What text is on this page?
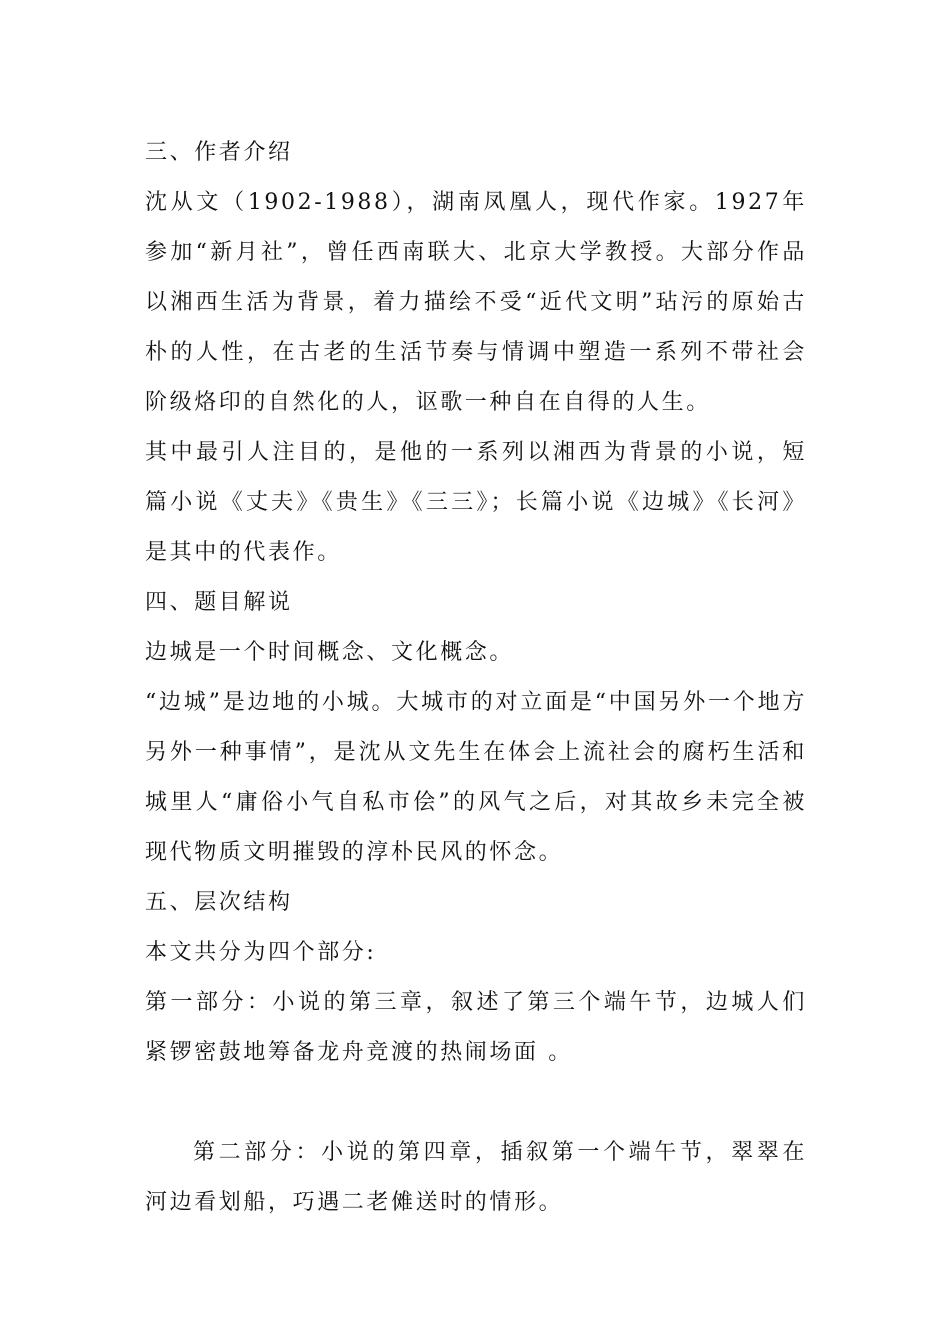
三、作者介绍

沈从文（1902-1988），湖南凤凰人，现代作家。1927年参加“新月社”，曾任西南联大、北京大学教授。大部分作品以湘西生活为背景，着力描绘不受“近代文明”玷污的原始古朴的人性，在古老的生活节奏与情调中塑造一系列不带社会阶级烙印的自然化的人，讴歌一种自在自得的人生。

其中最引人注目的，是他的一系列以湘西为背景的小说，短篇小说《丈夫》《贵生》《三三》；长篇小说《边城》《长河》是其中的代表作。

四、题目解说

边城是一个时间概念、文化概念。

“边城”是边地的小城。大城市的对立面是“中国另外一个地方另外一种事情”，是沈从文先生在体会上流社会的腐朽生活和城里人“庸俗小气自私市侩”的风气之后，对其故乡未完全被现代物质文明摧毁的淳朴民风的怀念。

五、层次结构

本文共分为四个部分:

第一部分：小说的第三章，叙述了第三个端午节，边城人们紧锣密鼓地筹备龙舟竞渡的热闹场面 。

第二部分：小说的第四章，插叙第一个端午节，翠翠在河边看划船，巧遇二老傩送时的情形。
